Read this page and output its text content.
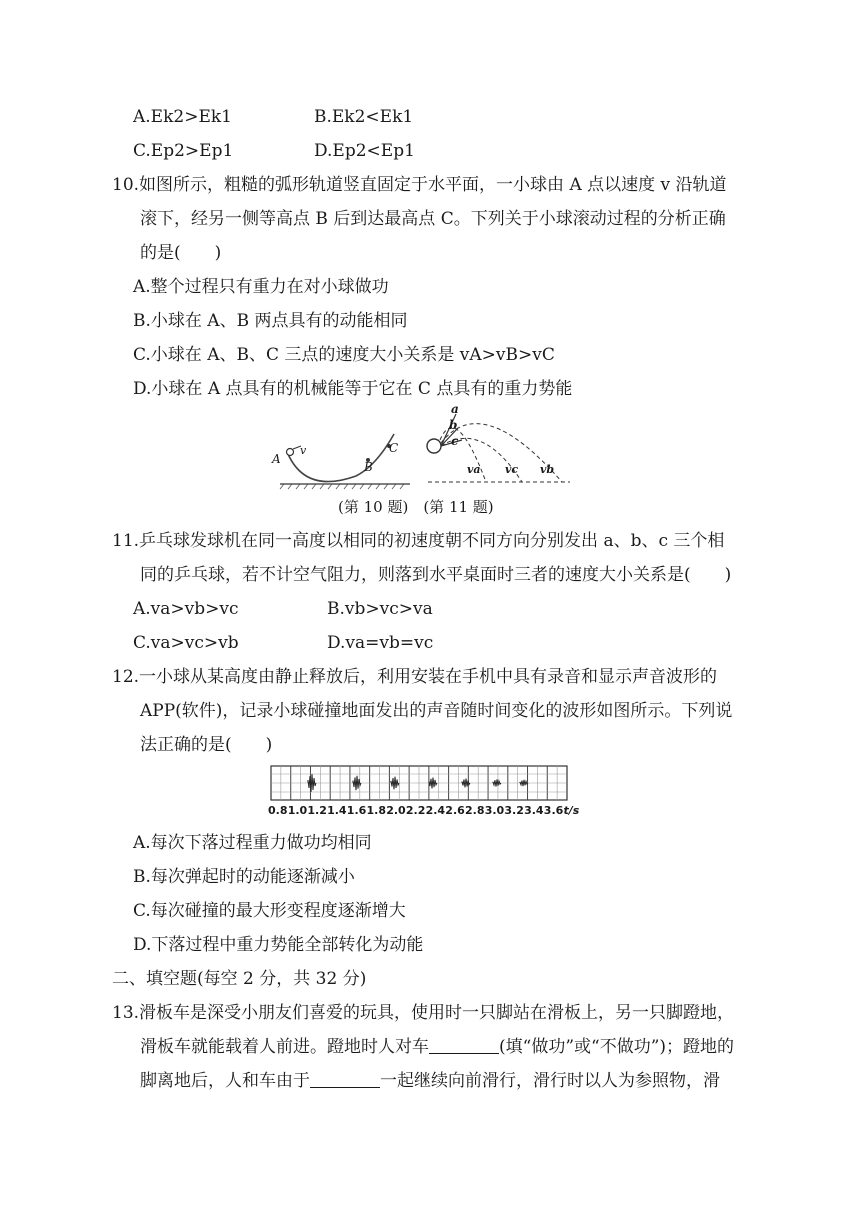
A.Ek2>Ek1	B.Ek2<Ek1
C.Ep2>Ep1	D.Ep2<Ep1
10.如图所示，粗糙的弧形轨道竖直固定于水平面，一小球由 A 点以速度 v 沿轨道
滚下，经另一侧等高点 B 后到达最高点 C。下列关于小球滚动过程的分析正确
的是(　　)
A.整个过程只有重力在对小球做功
B.小球在 A、B 两点具有的动能相同
C.小球在 A、B、C 三点的速度大小关系是 vA>vB>vC
D.小球在 A 点具有的机械能等于它在 C 点具有的重力势能
A
v
B
C
a
b
c
va vc vb
(第 10 题)　(第 11 题)
11.乒乓球发球机在同一高度以相同的初速度朝不同方向分别发出 a、b、c 三个相
同的乒乓球，若不计空气阻力，则落到水平桌面时三者的速度大小关系是(　　)
A.va>vb>vc	B.vb>vc>va
C.va>vc>vb	D.va=vb=vc
12.一小球从某高度由静止释放后，利用安装在手机中具有录音和显示声音波形的
APP(软件)，记录小球碰撞地面发出的声音随时间变化的波形如图所示。下列说
法正确的是(　　)
0.8 1.0 1.2 1.4 1.6 1.8 2.0 2.2 2.4 2.6 2.8 3.0 3.2 3.4 3.6 t/s
A.每次下落过程重力做功均相同
B.每次弹起时的动能逐渐减小
C.每次碰撞的最大形变程度逐渐增大
D.下落过程中重力势能全部转化为动能
二、填空题(每空 2 分，共 32 分)
13.滑板车是深受小朋友们喜爱的玩具，使用时一只脚站在滑板上，另一只脚蹬地，
滑板车就能载着人前进。蹬地时人对车	(填“做功”或“不做功”)；蹬地的
脚离地后，人和车由于	一起继续向前滑行，滑行时以人为参照物，滑
